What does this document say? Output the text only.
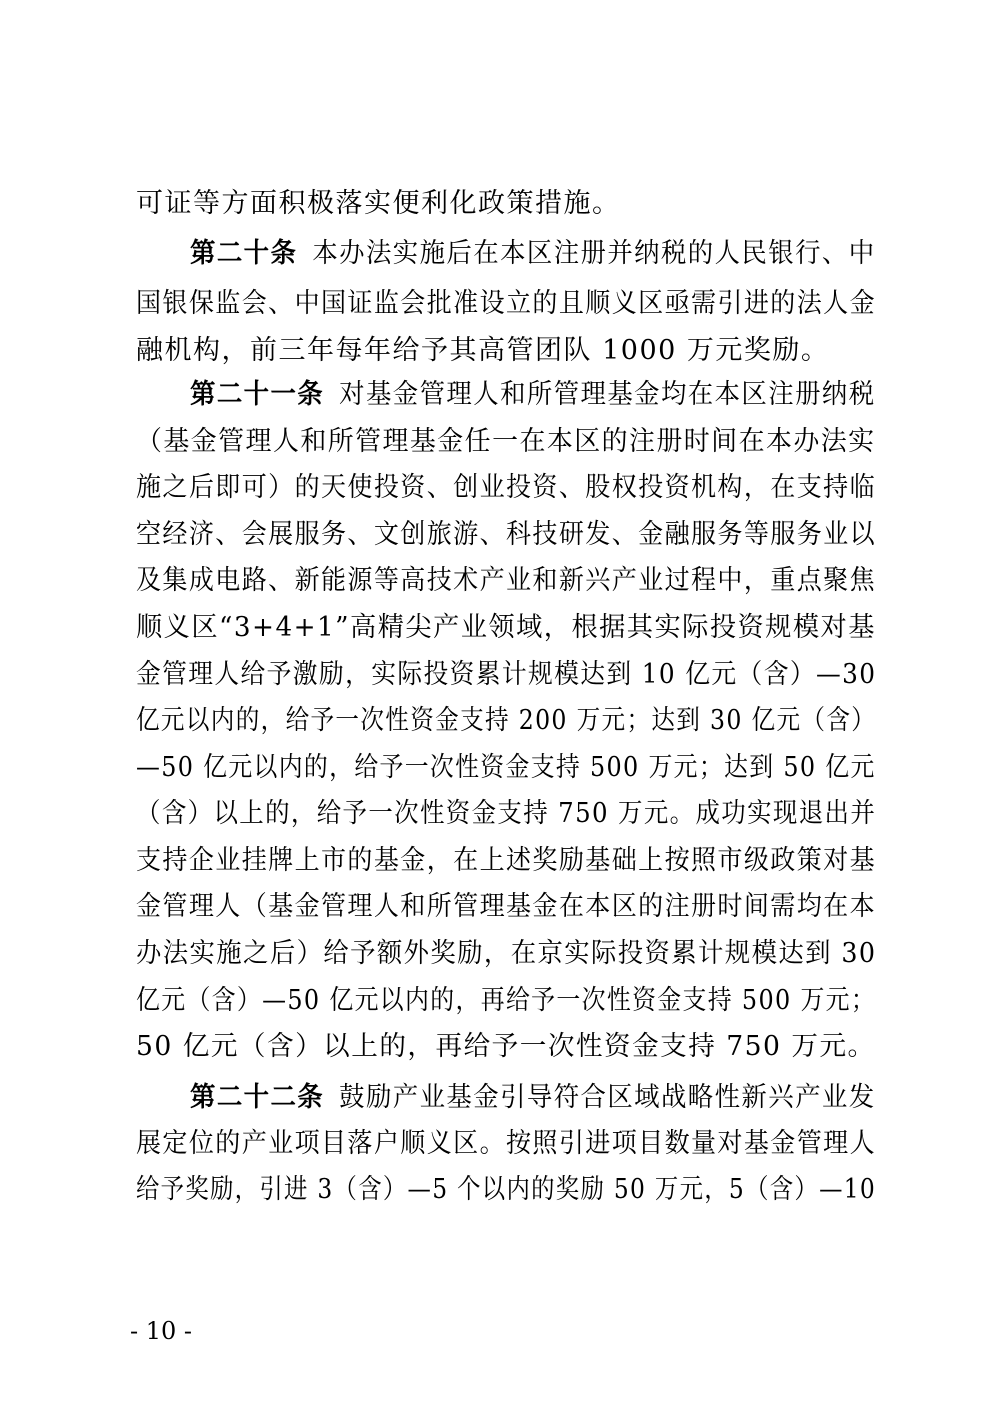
可证等方面积极落实便利化政策措施。
第二十条 本办法实施后在本区注册并纳税的人民银行、中
国银保监会、中国证监会批准设立的且顺义区亟需引进的法人金
融机构，前三年每年给予其高管团队 1000 万元奖励。
第二十一条 对基金管理人和所管理基金均在本区注册纳税
（基金管理人和所管理基金任一在本区的注册时间在本办法实
施之后即可）的天使投资、创业投资、股权投资机构，在支持临
空经济、会展服务、文创旅游、科技研发、金融服务等服务业以
及集成电路、新能源等高技术产业和新兴产业过程中，重点聚焦
顺义区“3+4+1”高精尖产业领域，根据其实际投资规模对基
金管理人给予激励，实际投资累计规模达到 10 亿元（含）—30
亿元以内的，给予一次性资金支持 200 万元；达到 30 亿元（含）
—50 亿元以内的，给予一次性资金支持 500 万元；达到 50 亿元
（含）以上的，给予一次性资金支持 750 万元。成功实现退出并
支持企业挂牌上市的基金，在上述奖励基础上按照市级政策对基
金管理人（基金管理人和所管理基金在本区的注册时间需均在本
办法实施之后）给予额外奖励，在京实际投资累计规模达到 30
亿元（含）—50 亿元以内的，再给予一次性资金支持 500 万元；
50 亿元（含）以上的，再给予一次性资金支持 750 万元。
第二十二条 鼓励产业基金引导符合区域战略性新兴产业发
展定位的产业项目落户顺义区。按照引进项目数量对基金管理人
给予奖励，引进 3（含）—5 个以内的奖励 50 万元，5（含）—10
- 10 -
